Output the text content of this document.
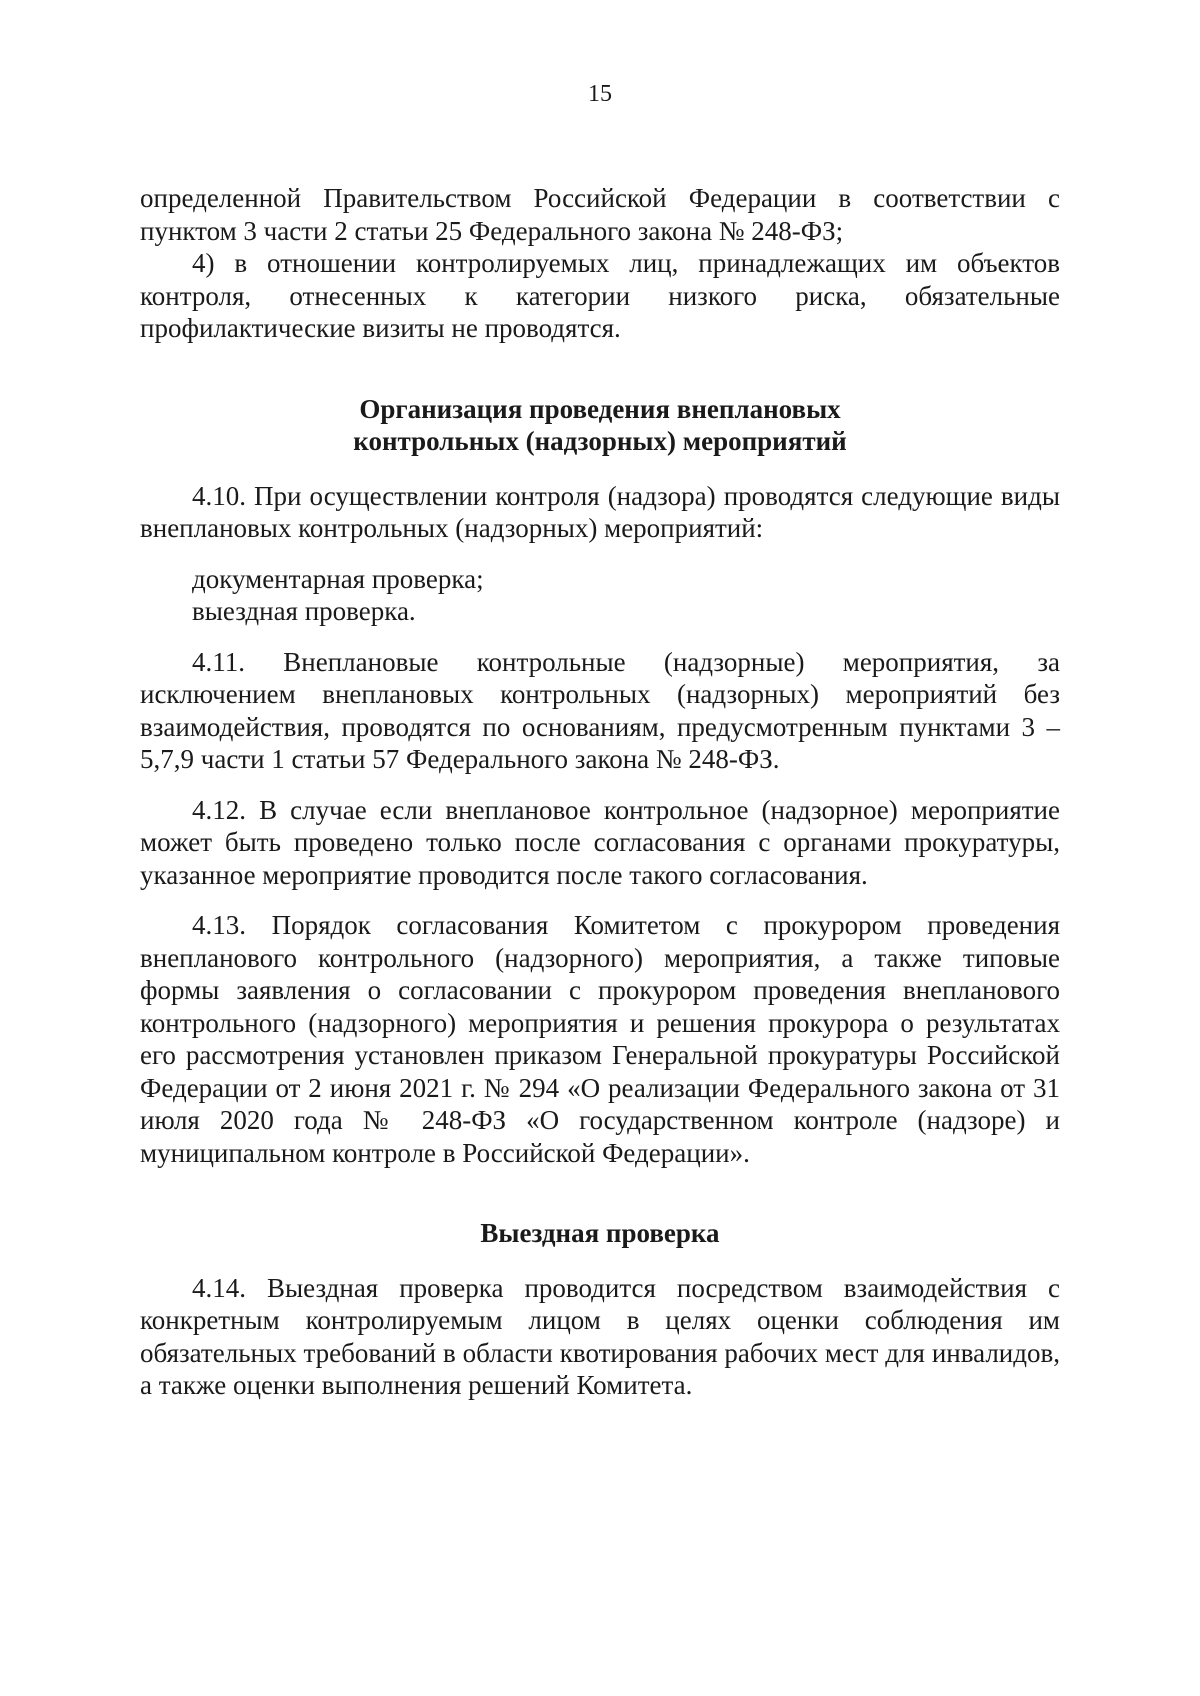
15

определенной Правительством Российской Федерации в соответствии с пунктом 3 части 2 статьи 25 Федерального закона № 248-ФЗ;

4) в отношении контролируемых лиц, принадлежащих им объектов контроля, отнесенных к категории низкого риска, обязательные профилактические визиты не проводятся.

Организация проведения внеплановых

контрольных (надзорных) мероприятий

4.10. При осуществлении контроля (надзора) проводятся следующие виды внеплановых контрольных (надзорных) мероприятий:

документарная проверка;

выездная проверка.

4.11. Внеплановые контрольные (надзорные) мероприятия, за исключением внеплановых контрольных (надзорных) мероприятий без взаимодействия, проводятся по основаниям, предусмотренным пунктами 3 – 5,7,9 части 1 статьи 57 Федерального закона № 248-ФЗ.

4.12. В случае если внеплановое контрольное (надзорное) мероприятие может быть проведено только после согласования с органами прокуратуры, указанное мероприятие проводится после такого согласования.

4.13. Порядок согласования Комитетом с прокурором проведения внепланового контрольного (надзорного) мероприятия, а также типовые формы заявления о согласовании с прокурором проведения внепланового контрольного (надзорного) мероприятия и решения прокурора о результатах его рассмотрения установлен приказом Генеральной прокуратуры Российской Федерации от 2 июня 2021 г. № 294 «О реализации Федерального закона от 31 июля 2020 года № 248-ФЗ «О государственном контроле (надзоре) и муниципальном контроле в Российской Федерации».

Выездная проверка

4.14. Выездная проверка проводится посредством взаимодействия с конкретным контролируемым лицом в целях оценки соблюдения им обязательных требований в области квотирования рабочих мест для инвалидов, а также оценки выполнения решений Комитета.
